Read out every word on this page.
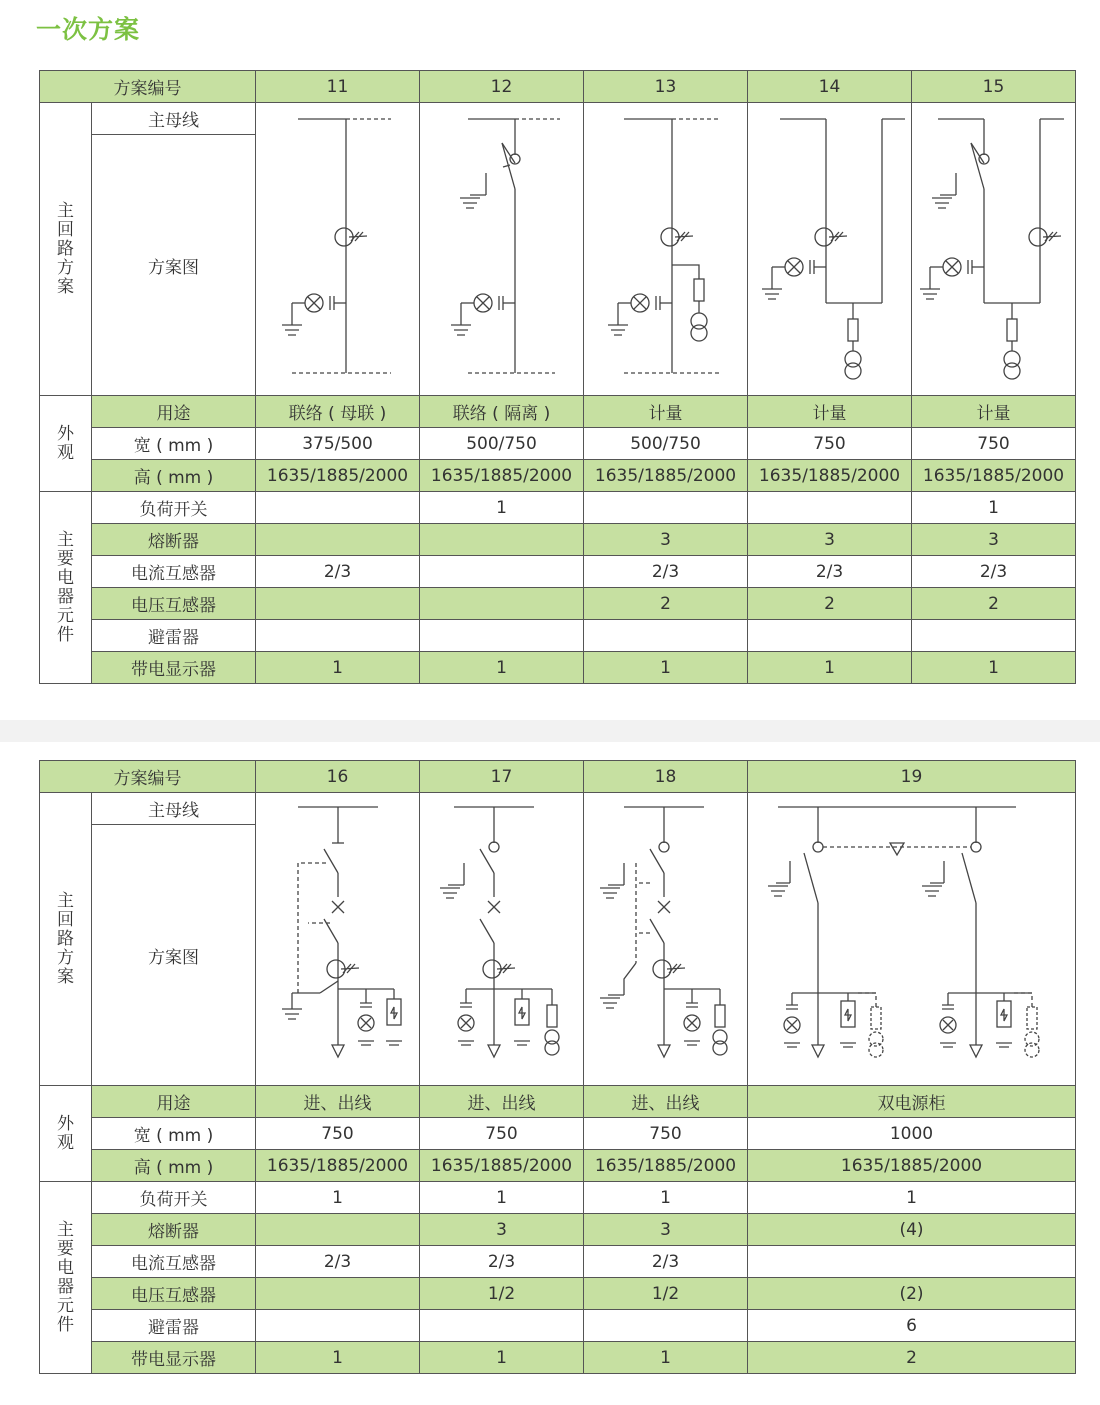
一次方案
方案编号		11	12	13	14	15
主回路方案	主母线	

	方案图					
外观	用途	联络 ( 母联 )	联络 ( 隔离 )	计量	计量	计量
	宽 ( mm )	375/500	500/750	500/750	750	750
	高 ( mm )	1635/1885/2000	1635/1885/2000	1635/1885/2000	1635/1885/2000	1635/1885/2000
主要电器元件	负荷开关		1			1
	熔断器			3	3	3
	电流互感器	2/3		2/3	2/3	2/3
	电压互感器			2	2	2
	避雷器					
	带电显示器	1	1	1	1	1
方案编号		16	17	18	19
主回路方案	主母线	

	方案图				
外观	用途	进、出线	进、出线	进、出线	双电源柜
	宽 ( mm )	750	750	750	1000
	高 ( mm )	1635/1885/2000	1635/1885/2000	1635/1885/2000	1635/1885/2000
主要电器元件	负荷开关	1	1	1	1
	熔断器		3	3	(4)
	电流互感器	2/3	2/3	2/3	
	电压互感器		1/2	1/2	(2)
	避雷器				6
	带电显示器	1	1	1	2
